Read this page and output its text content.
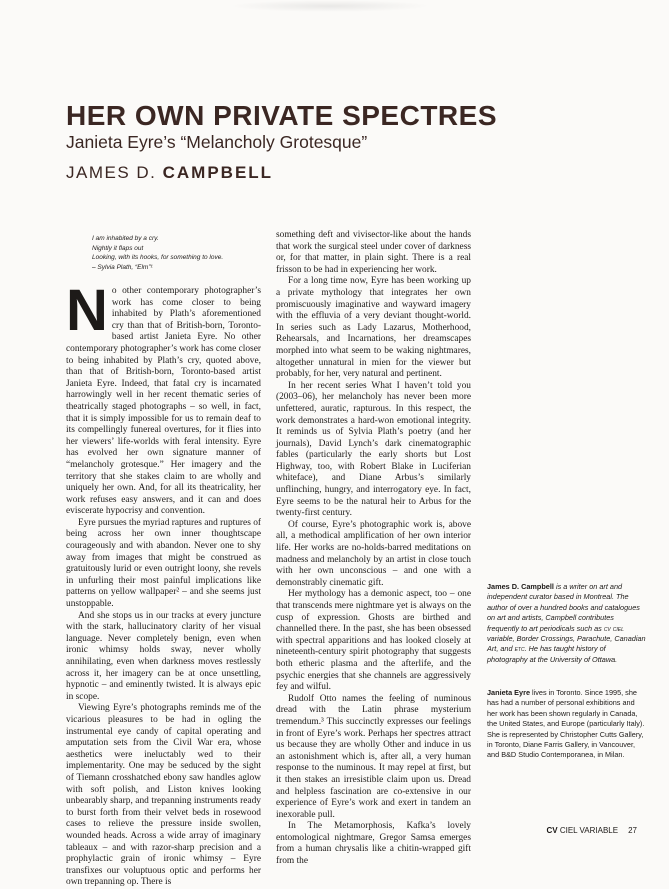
HER OWN PRIVATE SPECTRES
Janieta Eyre’s “Melancholy Grotesque”
JAMES D. CAMPBELL
I am inhabited by a cry.
Nightly it flaps out
Looking, with its hooks, for something to love.
– Sylvia Plath, “Elm”¹

No other contemporary photographer’s work has come closer to being inhabited by Plath’s aforementioned cry than that of British-born, Toronto-based artist Janieta Eyre. No other contemporary photographer’s work has come closer to being inhabited by Plath’s cry, quoted above, than that of British-born, Toronto-based artist Janieta Eyre. Indeed, that fatal cry is incarnated harrowingly well in her recent thematic series of theatrically staged photographs – so well, in fact, that it is simply impossible for us to remain deaf to its compellingly funereal overtures, for it flies into her viewers’ life-worlds with feral intensity. Eyre has evolved her own signature manner of “melancholy grotesque.” Her imagery and the territory that she stakes claim to are wholly and uniquely her own. And, for all its theatricality, her work refuses easy answers, and it can and does eviscerate hypocrisy and convention.

Eyre pursues the myriad raptures and ruptures of being across her own inner thoughtscape courageously and with abandon. Never one to shy away from images that might be construed as gratuitously lurid or even outright loony, she revels in unfurling their most painful implications like patterns on yellow wallpaper² – and she seems just unstoppable.

And she stops us in our tracks at every juncture with the stark, hallucinatory clarity of her visual language. Never completely benign, even when ironic whimsy holds sway, never wholly annihilating, even when darkness moves restlessly across it, her imagery can be at once unsettling, hypnotic – and eminently twisted. It is always epic in scope.

Viewing Eyre’s photographs reminds me of the vicarious pleasures to be had in ogling the instrumental eye candy of capital operating and amputation sets from the Civil War era, whose aesthetics were ineluctably wed to their implementarity. One may be seduced by the sight of Tiemann crosshatched ebony saw handles aglow with soft polish, and Liston knives looking unbearably sharp, and trepanning instruments ready to burst forth from their velvet beds in rosewood cases to relieve the pressure inside swollen, wounded heads. Across a wide array of imaginary tableaux – and with razor-sharp precision and a prophylactic grain of ironic whimsy – Eyre transfixes our voluptuous optic and performs her own trepanning op. There is

something deft and vivisector-like about the hands that work the surgical steel under cover of darkness or, for that matter, in plain sight. There is a real frisson to be had in experiencing her work.

For a long time now, Eyre has been working up a private mythology that integrates her own promiscuously imaginative and wayward imagery with the effluvia of a very deviant thought-world. In series such as Lady Lazarus, Motherhood, Rehearsals, and Incarnations, her dreamscapes morphed into what seem to be waking nightmares, altogether unnatural in mien for the viewer but probably, for her, very natural and pertinent.

In her recent series What I haven’t told you (2003–06), her melancholy has never been more unfettered, auratic, rapturous. In this respect, the work demonstrates a hard-won emotional integrity. It reminds us of Sylvia Plath’s poetry (and her journals), David Lynch’s dark cinematographic fables (particularly the early shorts but Lost Highway, too, with Robert Blake in Luciferian whiteface), and Diane Arbus’s similarly unflinching, hungry, and interrogatory eye. In fact, Eyre seems to be the natural heir to Arbus for the twenty-first century.

Of course, Eyre’s photographic work is, above all, a methodical amplification of her own interior life. Her works are no-holds-barred meditations on madness and melancholy by an artist in close touch with her own unconscious – and one with a demonstrably cinematic gift.

Her mythology has a demonic aspect, too – one that transcends mere nightmare yet is always on the cusp of expression. Ghosts are birthed and channelled there. In the past, she has been obsessed with spectral apparitions and has looked closely at nineteenth-century spirit photography that suggests both etheric plasma and the afterlife, and the psychic energies that she channels are aggressively fey and wilful.

Rudolf Otto names the feeling of numinous dread with the Latin phrase mysterium tremendum.³ This succinctly expresses our feelings in front of Eyre’s work. Perhaps her spectres attract us because they are wholly Other and induce in us an astonishment which is, after all, a very human response to the numinous. It may repel at first, but it then stakes an irresistible claim upon us. Dread and helpless fascination are co-extensive in our experience of Eyre’s work and exert in tandem an inexorable pull.

In The Metamorphosis, Kafka’s lovely entomological nightmare, Gregor Samsa emerges from a human chrysalis like a chitin-wrapped gift from the

James D. Campbell is a writer on art and independent curator based in Montreal. The author of over a hundred books and catalogues on art and artists, Campbell contributes frequently to art periodicals such as cv ciel variable, Border Crossings, Parachute, Canadian Art, and etc. He has taught history of photography at the University of Ottawa.
Janieta Eyre lives in Toronto. Since 1995, she has had a number of personal exhibitions and her work has been shown regularly in Canada, the United States, and Europe (particularly Italy). She is represented by Christopher Cutts Gallery, in Toronto, Diane Farris Gallery, in Vancouver, and B&D Studio Contemporanea, in Milan.
CV CIEL VARIABLE 27
